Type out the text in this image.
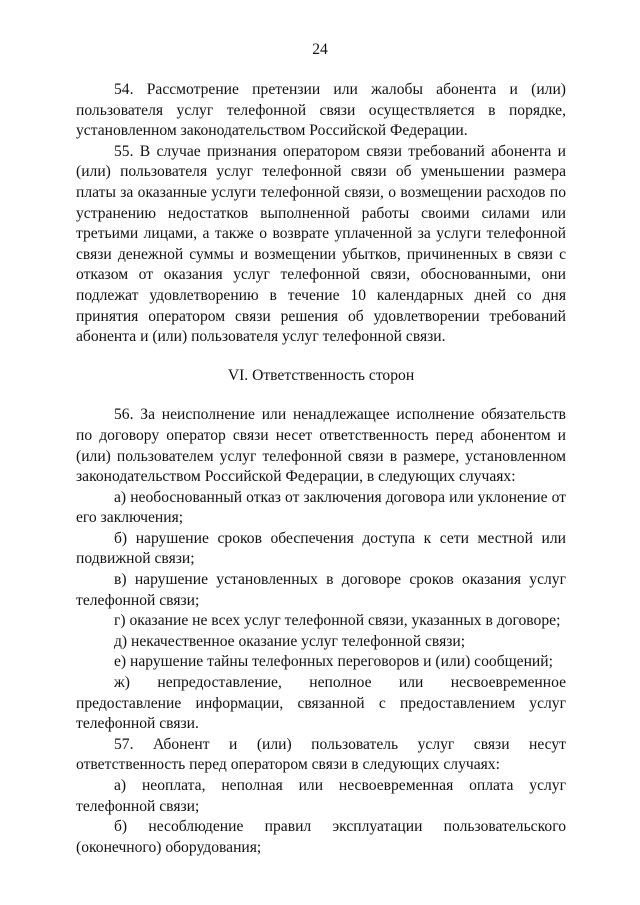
24

54. Рассмотрение претензии или жалобы абонента и (или) пользователя услуг телефонной связи осуществляется в порядке, установленном законодательством Российской Федерации.

55. В случае признания оператором связи требований абонента и (или) пользователя услуг телефонной связи об уменьшении размера платы за оказанные услуги телефонной связи, о возмещении расходов по устранению недостатков выполненной работы своими силами или третьими лицами, а также о возврате уплаченной за услуги телефонной связи денежной суммы и возмещении убытков, причиненных в связи с отказом от оказания услуг телефонной связи, обоснованными, они подлежат удовлетворению в течение 10 календарных дней со дня принятия оператором связи решения об удовлетворении требований абонента и (или) пользователя услуг телефонной связи.

VI. Ответственность сторон

56. За неисполнение или ненадлежащее исполнение обязательств по договору оператор связи несет ответственность перед абонентом и (или) пользователем услуг телефонной связи в размере, установленном законодательством Российской Федерации, в следующих случаях:

а) необоснованный отказ от заключения договора или уклонение от его заключения;

б) нарушение сроков обеспечения доступа к сети местной или подвижной связи;

в) нарушение установленных в договоре сроков оказания услуг телефонной связи;

г) оказание не всех услуг телефонной связи, указанных в договоре;

д) некачественное оказание услуг телефонной связи;

е) нарушение тайны телефонных переговоров и (или) сообщений;

ж) непредоставление, неполное или несвоевременное предоставление информации, связанной с предоставлением услуг телефонной связи.

57. Абонент и (или) пользователь услуг связи несут ответственность перед оператором связи в следующих случаях:

а) неоплата, неполная или несвоевременная оплата услуг телефонной связи;

б) несоблюдение правил эксплуатации пользовательского (оконечного) оборудования;
